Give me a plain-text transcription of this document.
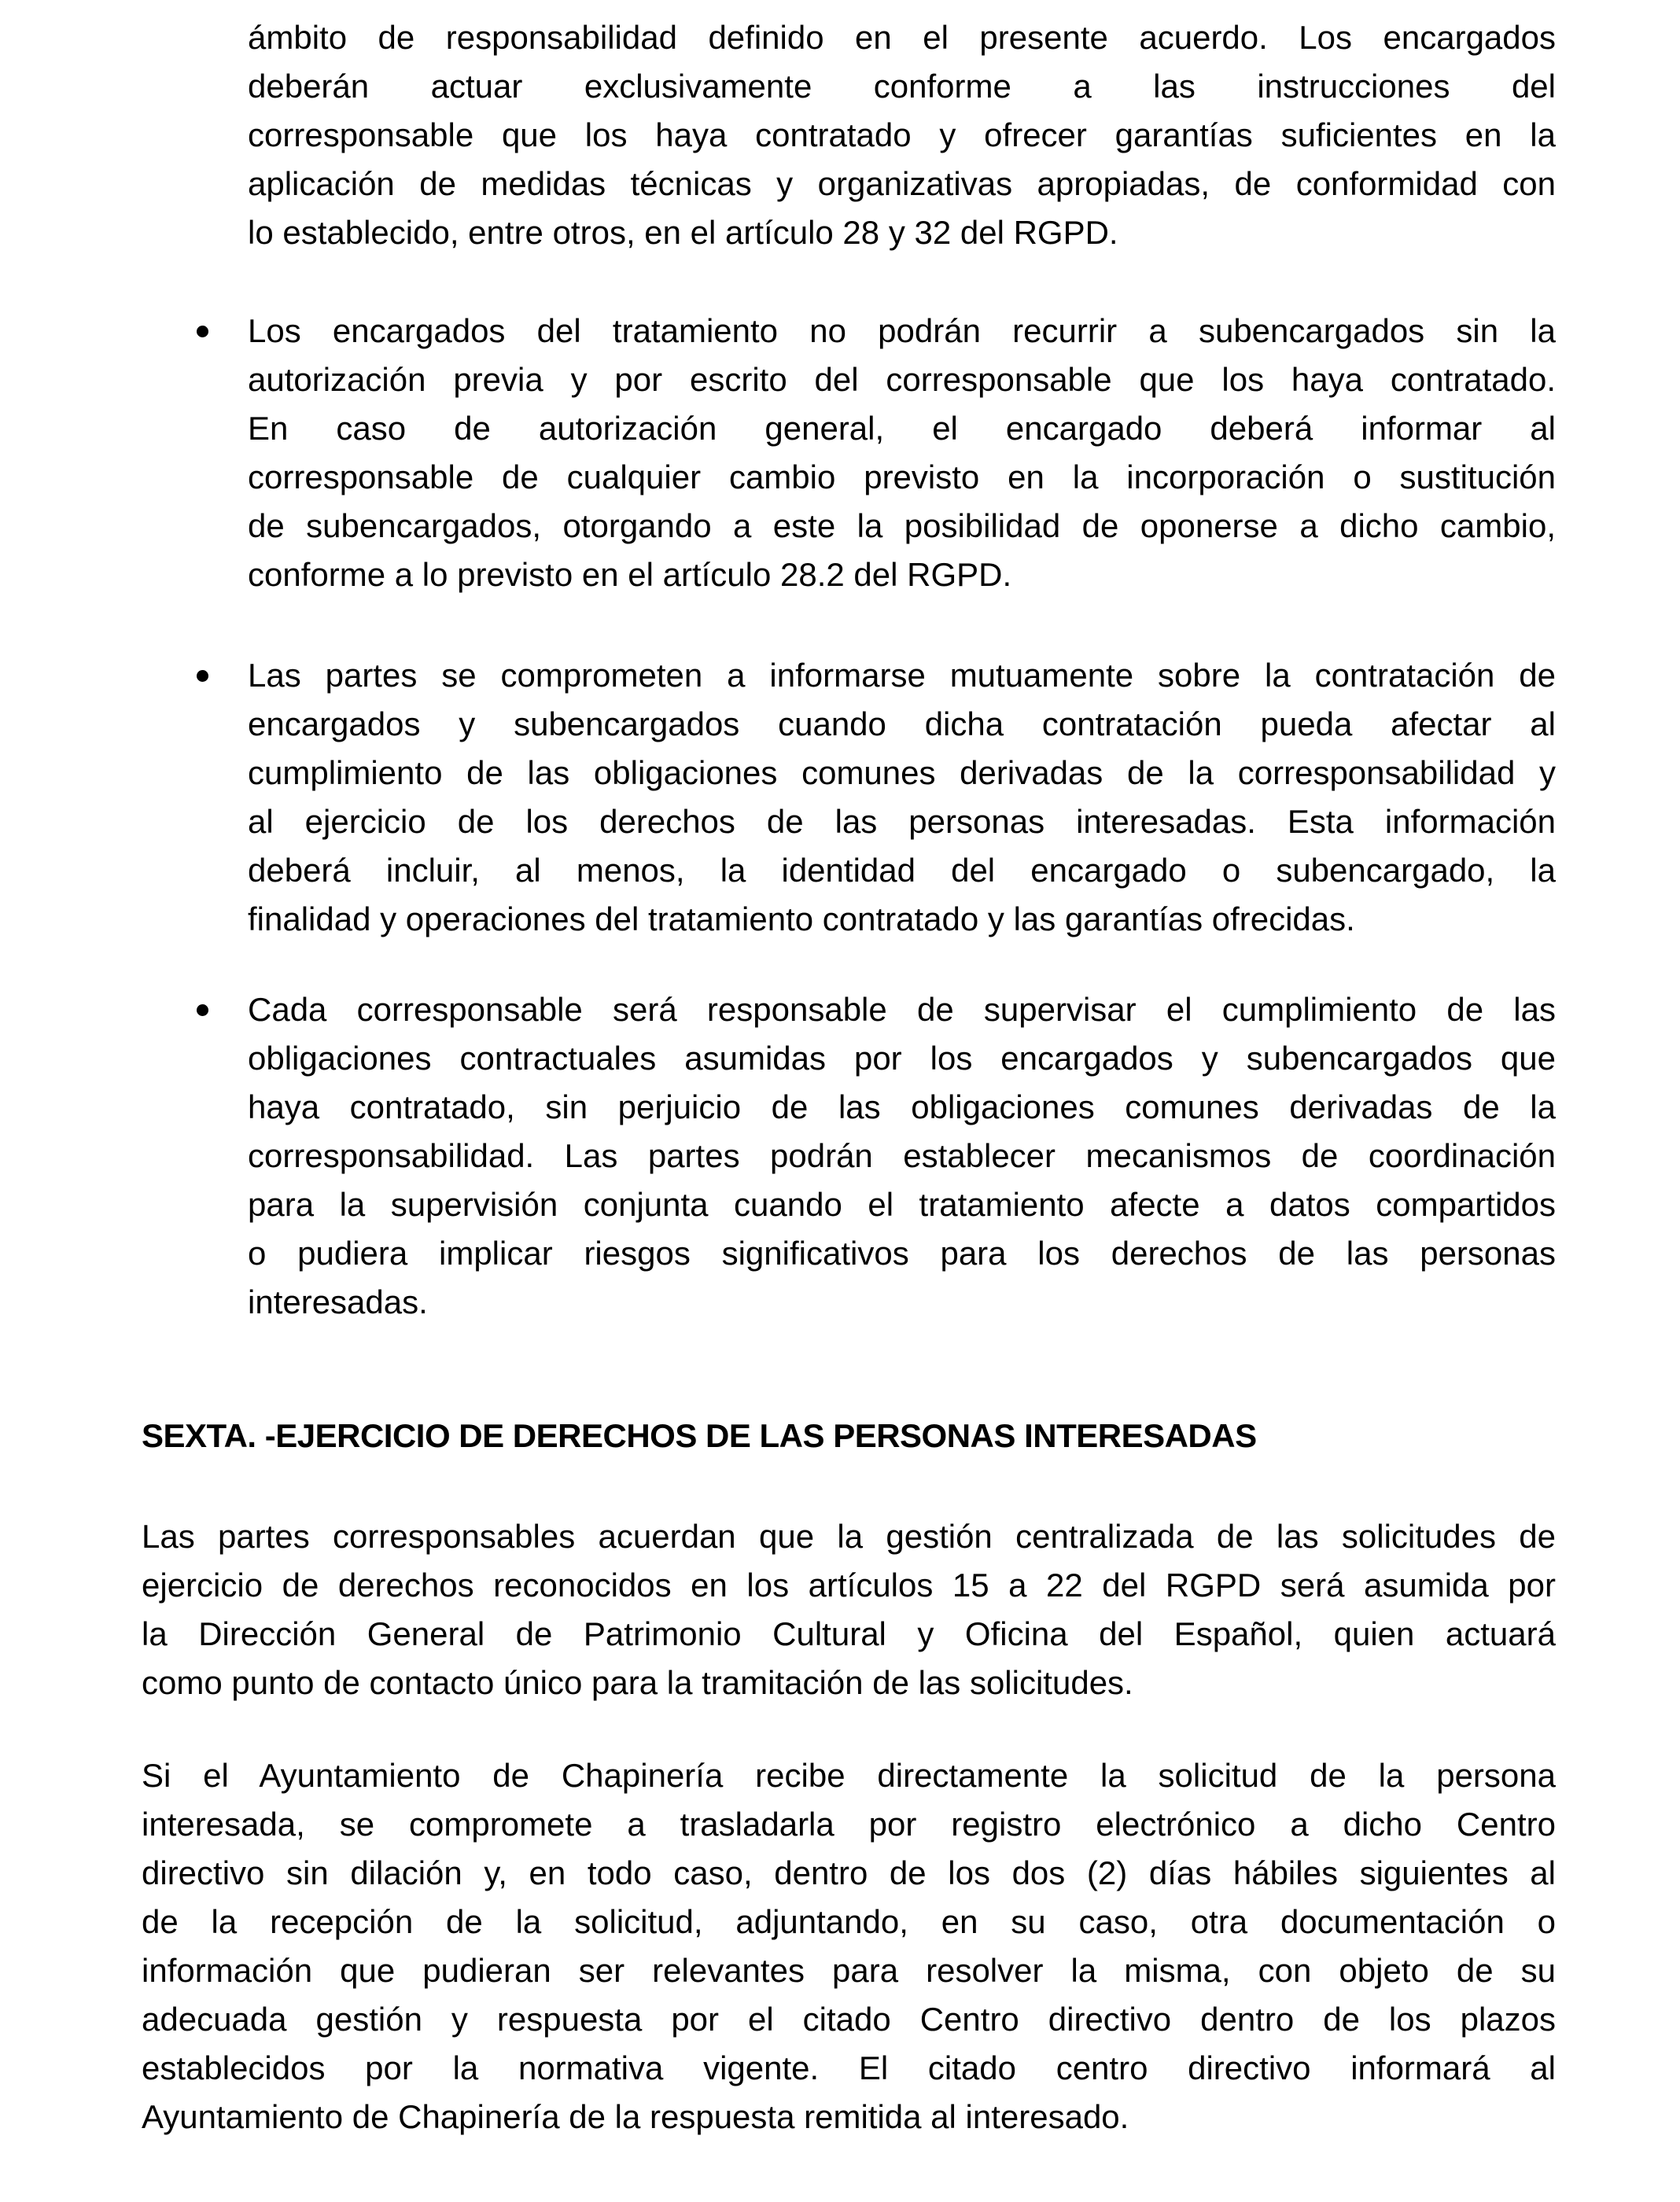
ámbito de responsabilidad definido en el presente acuerdo. Los encargados
deberán actuar exclusivamente conforme a las instrucciones del
corresponsable que los haya contratado y ofrecer garantías suficientes en la
aplicación de medidas técnicas y organizativas apropiadas, de conformidad con
lo establecido, entre otros, en el artículo 28 y 32 del RGPD.
Los encargados del tratamiento no podrán recurrir a subencargados sin la
autorización previa y por escrito del corresponsable que los haya contratado.
En caso de autorización general, el encargado deberá informar al
corresponsable de cualquier cambio previsto en la incorporación o sustitución
de subencargados, otorgando a este la posibilidad de oponerse a dicho cambio,
conforme a lo previsto en el artículo 28.2 del RGPD.
Las partes se comprometen a informarse mutuamente sobre la contratación de
encargados y subencargados cuando dicha contratación pueda afectar al
cumplimiento de las obligaciones comunes derivadas de la corresponsabilidad y
al ejercicio de los derechos de las personas interesadas. Esta información
deberá incluir, al menos, la identidad del encargado o subencargado, la
finalidad y operaciones del tratamiento contratado y las garantías ofrecidas.
Cada corresponsable será responsable de supervisar el cumplimiento de las
obligaciones contractuales asumidas por los encargados y subencargados que
haya contratado, sin perjuicio de las obligaciones comunes derivadas de la
corresponsabilidad. Las partes podrán establecer mecanismos de coordinación
para la supervisión conjunta cuando el tratamiento afecte a datos compartidos
o pudiera implicar riesgos significativos para los derechos de las personas
interesadas.
SEXTA. -EJERCICIO DE DERECHOS DE LAS PERSONAS INTERESADAS
Las partes corresponsables acuerdan que la gestión centralizada de las solicitudes de
ejercicio de derechos reconocidos en los artículos 15 a 22 del RGPD será asumida por
la Dirección General de Patrimonio Cultural y Oficina del Español, quien actuará
como punto de contacto único para la tramitación de las solicitudes.
Si el Ayuntamiento de Chapinería recibe directamente la solicitud de la persona
interesada, se compromete a trasladarla por registro electrónico a dicho Centro
directivo sin dilación y, en todo caso, dentro de los dos (2) días hábiles siguientes al
de la recepción de la solicitud, adjuntando, en su caso, otra documentación o
información que pudieran ser relevantes para resolver la misma, con objeto de su
adecuada gestión y respuesta por el citado Centro directivo dentro de los plazos
establecidos por la normativa vigente. El citado centro directivo informará al
Ayuntamiento de Chapinería de la respuesta remitida al interesado.
